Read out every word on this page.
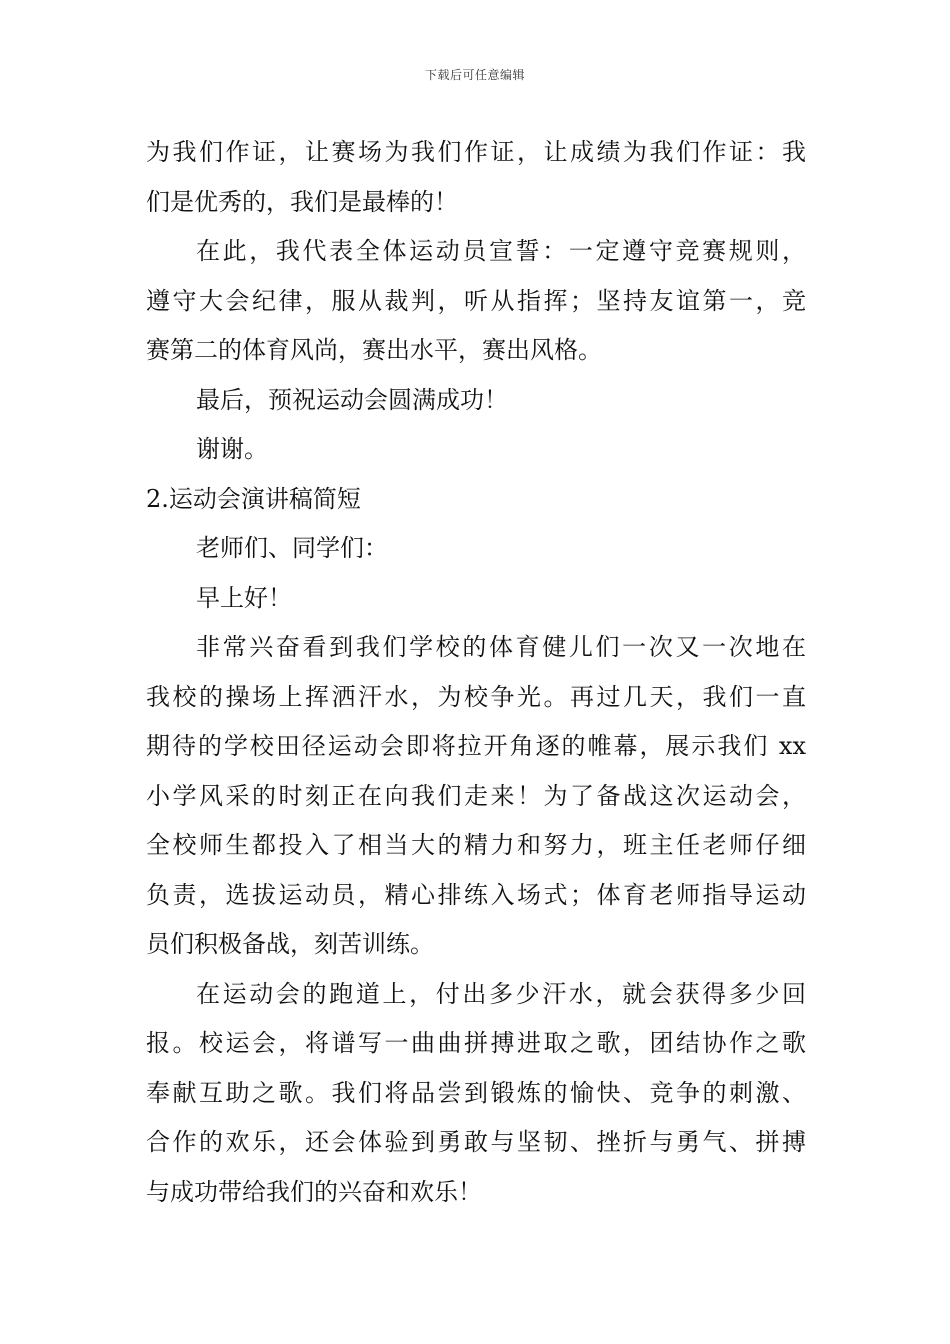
下载后可任意编辑
为我们作证，让赛场为我们作证，让成绩为我们作证：我
们是优秀的，我们是最棒的！
在此，我代表全体运动员宣誓：一定遵守竞赛规则，
遵守大会纪律，服从裁判，听从指挥；坚持友谊第一，竞
赛第二的体育风尚，赛出水平，赛出风格。
最后，预祝运动会圆满成功！
谢谢。
2.运动会演讲稿简短
老师们、同学们：
早上好！
非常兴奋看到我们学校的体育健儿们一次又一次地在
我校的操场上挥洒汗水，为校争光。再过几天，我们一直
期待的学校田径运动会即将拉开角逐的帷幕，展示我们 xx
小学风采的时刻正在向我们走来！为了备战这次运动会，
全校师生都投入了相当大的精力和努力，班主任老师仔细
负责，选拔运动员，精心排练入场式；体育老师指导运动
员们积极备战，刻苦训练。
在运动会的跑道上，付出多少汗水，就会获得多少回
报。校运会，将谱写一曲曲拼搏进取之歌，团结协作之歌
奉献互助之歌。我们将品尝到锻炼的愉快、竞争的刺激、
合作的欢乐，还会体验到勇敢与坚韧、挫折与勇气、拼搏
与成功带给我们的兴奋和欢乐！
